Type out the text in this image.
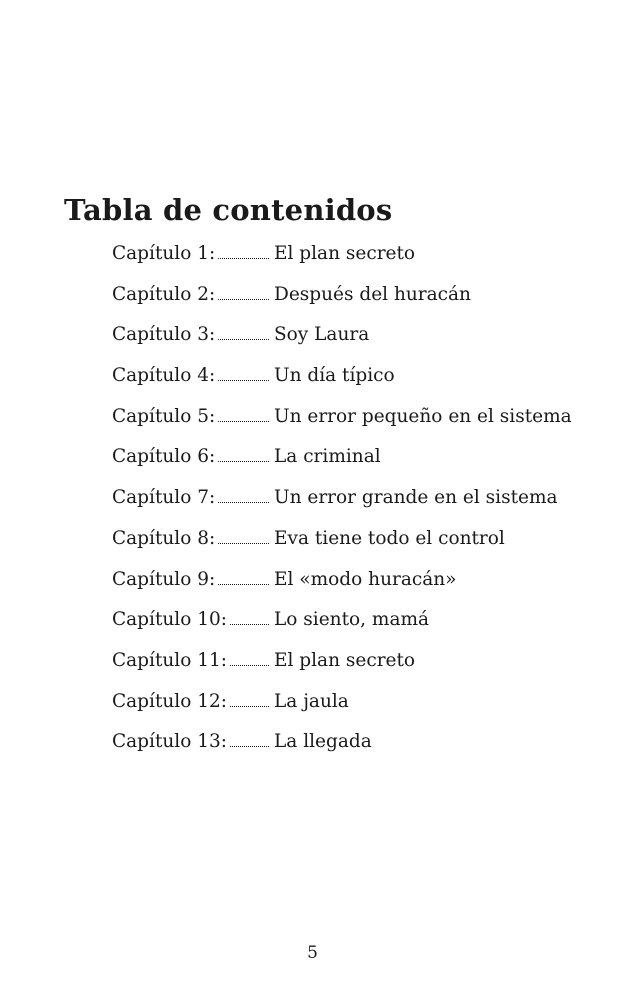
Tabla de contenidos
Capítulo 1:	El plan secreto
Capítulo 2:	Después del huracán
Capítulo 3:	Soy Laura
Capítulo 4:	Un día típico
Capítulo 5:	Un error pequeño en el sistema
Capítulo 6:	La criminal
Capítulo 7:	Un error grande en el sistema
Capítulo 8:	Eva tiene todo el control
Capítulo 9:	El «modo huracán»
Capítulo 10:	Lo siento, mamá
Capítulo 11:	El plan secreto
Capítulo 12:	La jaula
Capítulo 13:	La llegada
5
